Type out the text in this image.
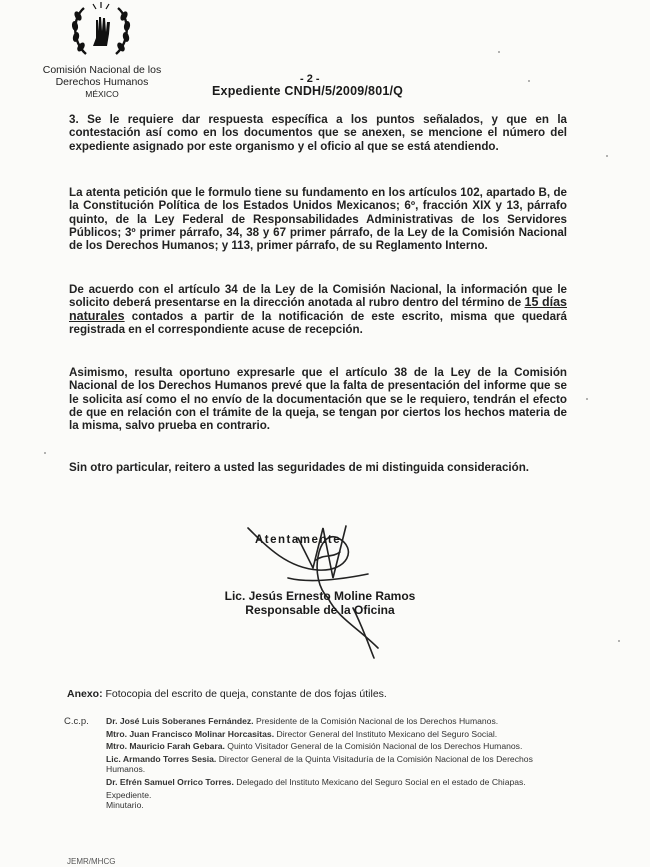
Comisión Nacional de los
Derechos Humanos
MÉXICO
- 2 -
Expediente CNDH/5/2009/801/Q
3. Se le requiere dar respuesta específica a los puntos señalados, y que en la contestación así como en los documentos que se anexen, se mencione el número del expediente asignado por este organismo y el oficio al que se está atendiendo.
La atenta petición que le formulo tiene su fundamento en los artículos 102, apartado B, de la Constitución Política de los Estados Unidos Mexicanos; 6º, fracción XIX y 13, párrafo quinto, de la Ley Federal de Responsabilidades Administrativas de los Servidores Públicos; 3º primer párrafo, 34, 38 y 67 primer párrafo, de la Ley de la Comisión Nacional de los Derechos Humanos; y 113, primer párrafo, de su Reglamento Interno.
De acuerdo con el artículo 34 de la Ley de la Comisión Nacional, la información que le solicito deberá presentarse en la dirección anotada al rubro dentro del término de 15 días naturales contados a partir de la notificación de este escrito, misma que quedará registrada en el correspondiente acuse de recepción.
Asimismo, resulta oportuno expresarle que el artículo 38 de la Ley de la Comisión Nacional de los Derechos Humanos prevé que la falta de presentación del informe que se le solicita así como el no envío de la documentación que se le requiero, tendrán el efecto de que en relación con el trámite de la queja, se tengan por ciertos los hechos materia de la misma, salvo prueba en contrario.
Sin otro particular, reitero a usted las seguridades de mi distinguida consideración.
Atentamente
Lic. Jesús Ernesto Moline Ramos
Responsable de la Oficina
Anexo: Fotocopia del escrito de queja, constante de dos fojas útiles.
C.c.p. Dr. José Luis Soberanes Fernández. Presidente de la Comisión Nacional de los Derechos Humanos.
Mtro. Juan Francisco Molinar Horcasitas. Director General del Instituto Mexicano del Seguro Social.
Mtro. Mauricio Farah Gebara. Quinto Visitador General de la Comisión Nacional de los Derechos Humanos.
Lic. Armando Torres Sesia. Director General de la Quinta Visitaduría de la Comisión Nacional de los Derechos Humanos.
Dr. Efrén Samuel Orrico Torres. Delegado del Instituto Mexicano del Seguro Social en el estado de Chiapas.
Expediente.
Minutario.
JEMR/MHCG
